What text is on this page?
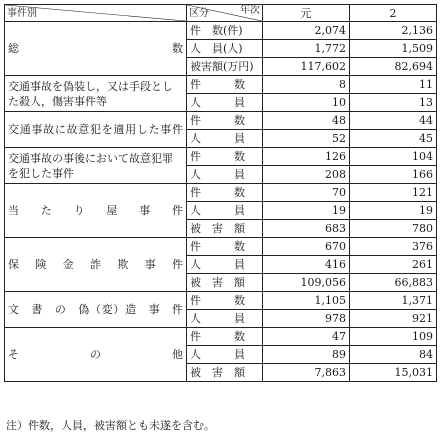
事件別	区分 年次	元	2
総　　　　　　　　　数	件　数(件)	2,074	2,136
	人　員(人)	1,772	1,509
	被害額(万円)	117,602	82,694
交通事故を偽装し，又は手段とした殺人，傷害事件等	件　　　数	8	11
	人　　　員	10	13
交通事故に故意犯を適用した事件	件　　　数	48	44
	人　　　員	52	45
交通事故の事後において故意犯罪を犯した事件	件　　　数	126	104
	人　　　員	208	166
当　た　り　屋　事　件	件　　　数	70	121
	人　　　員	19	19
	被　害　額	683	780
保　険　金　詐　欺　事　件	件　　　数	670	376
	人　　　員	416	261
	被　害　額	109,056	66,883
文　書　の　偽（変）造　事　件	件　　　数	1,105	1,371
	人　　　員	978	921
そ　　　　の　　　　他	件　　　数	47	109
	人　　　員	89	84
	被　害　額	7,863	15,031
注）件数，人員，被害額とも未遂を含む。
